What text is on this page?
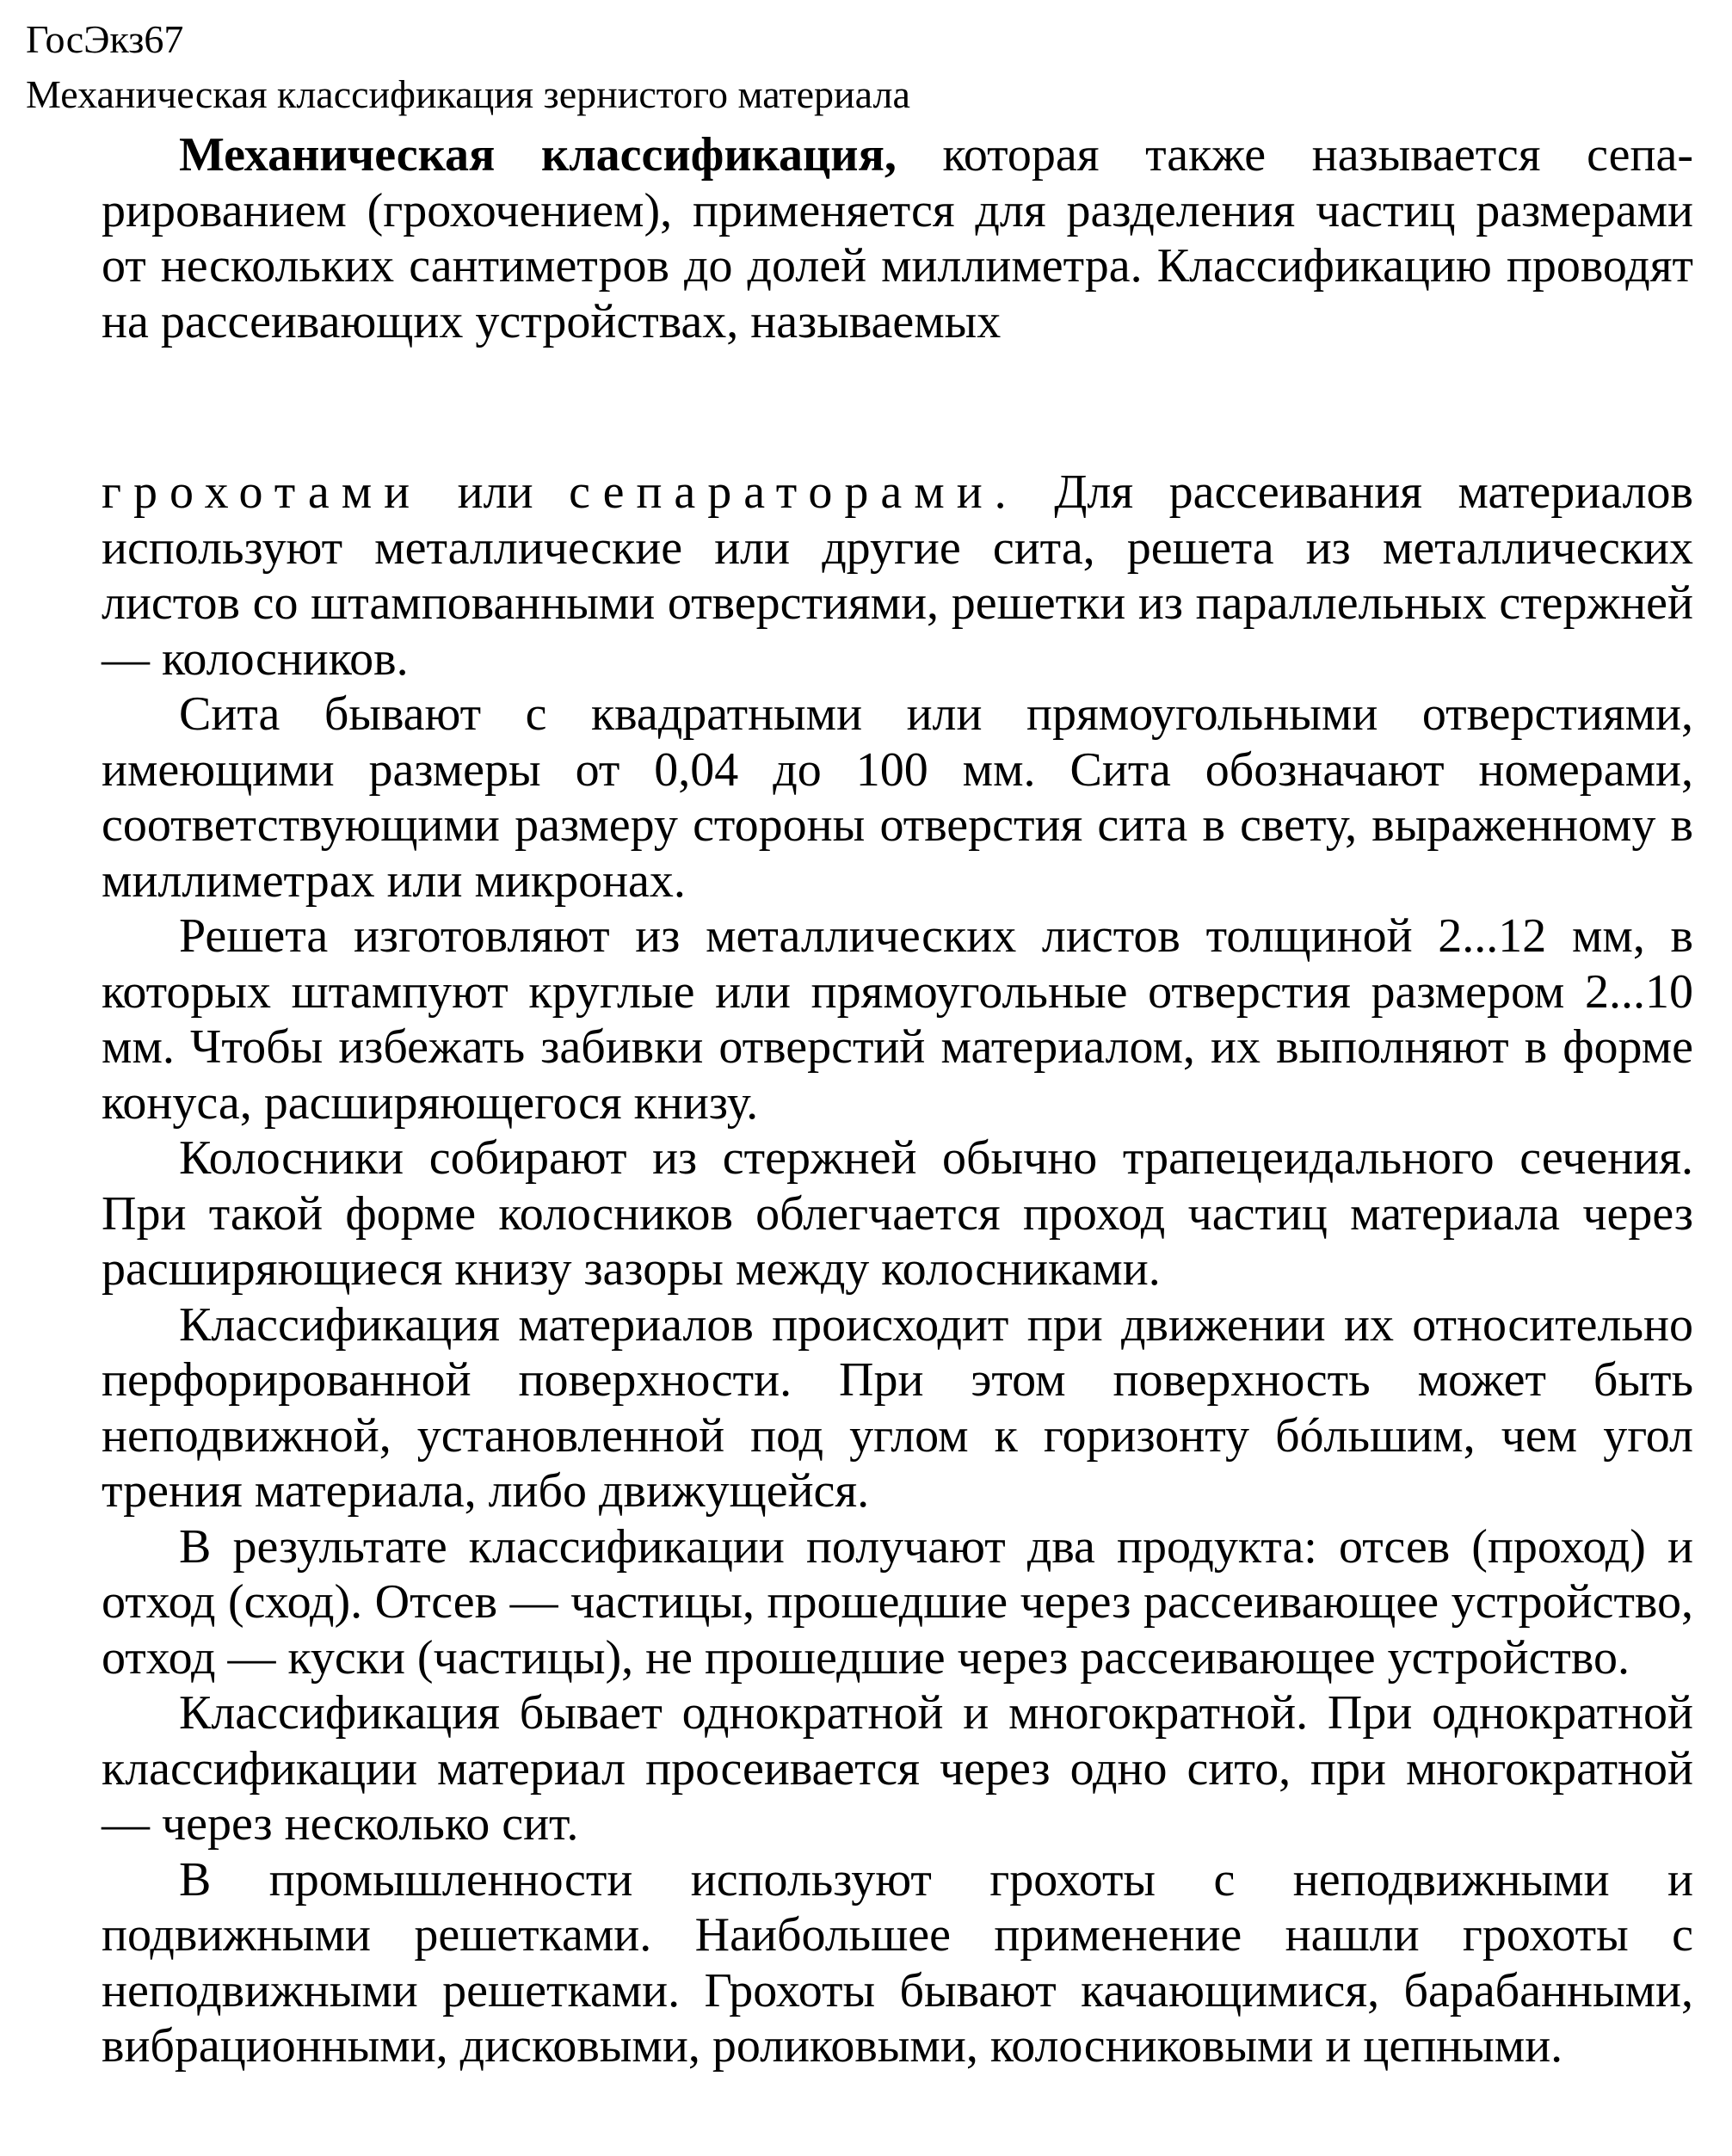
ГосЭкз67
Механическая классификация зернистого материала

Механическая классификация, которая также называется сепарированием (грохочением), применяется для разделения частиц размерами от нескольких сантиметров до долей миллиметра. Классификацию проводят на рассеивающих устройствах, называемых

грохотами или сепараторами. Для рассеивания материалов используют металлические или другие сита, решета из металлических листов со штампованными отверстиями, решетки из параллельных стержней — колосников.

Сита бывают с квадратными или прямоугольными отверстиями, имеющими размеры от 0,04 до 100 мм. Сита обозначают номерами, соответствующими размеру стороны отверстия сита в свету, выраженному в миллиметрах или микронах.

Решета изготовляют из металлических листов толщиной 2...12 мм, в которых штампуют круглые или прямоугольные отверстия размером 2...10 мм. Чтобы избежать забивки отверстий материалом, их выполняют в форме конуса, расширяющегося книзу.

Колосники собирают из стержней обычно трапецеидального сечения. При такой форме колосников облегчается проход частиц материала через расширяющиеся книзу зазоры между колосниками.

Классификация материалов происходит при движении их относительно перфорированной поверхности. При этом поверхность может быть неподвижной, установленной под углом к горизонту бóльшим, чем угол трения материала, либо движущейся.

В результате классификации получают два продукта: отсев (проход) и отход (сход). Отсев — частицы, прошедшие через рассеивающее устройство, отход — куски (частицы), не прошедшие через рассеивающее устройство.

Классификация бывает однократной и многократной. При однократной классификации материал просеивается через одно сито, при многократной — через несколько сит.

В промышленности используют грохоты с неподвижными и подвижными решетками. Наибольшее применение нашли грохоты с неподвижными решетками. Грохоты бывают качающимися, барабанными, вибрационными, дисковыми, роликовыми, колосниковыми и цепными.
